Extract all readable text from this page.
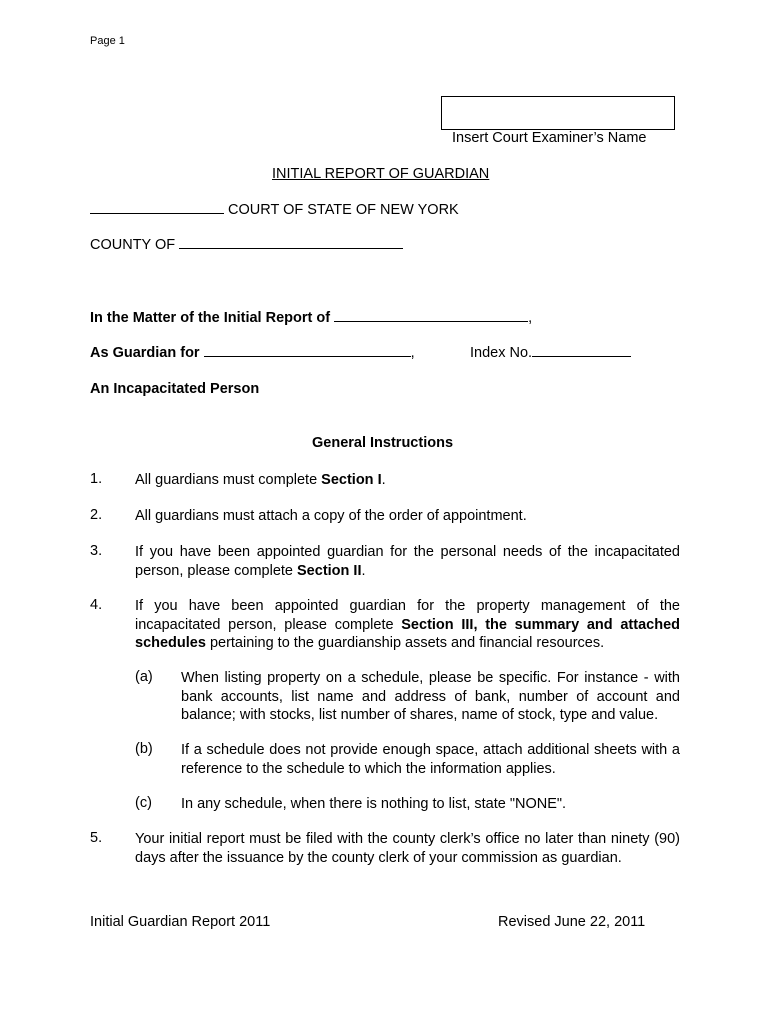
Page 1
Insert Court Examiner’s Name
INITIAL REPORT OF GUARDIAN
COURT OF STATE OF NEW YORK
COUNTY OF
In the Matter of the Initial Report of	,
As Guardian for	,	Index No.
An Incapacitated Person
General Instructions
1. All guardians must complete Section I.
2. All guardians must attach a copy of the order of appointment.
3. If you have been appointed guardian for the personal needs of the incapacitated person, please complete Section II.
4. If you have been appointed guardian for the property management of the incapacitated person, please complete Section III, the summary and attached schedules pertaining to the guardianship assets and financial resources.
(a) When listing property on a schedule, please be specific. For instance - with bank accounts, list name and address of bank, number of account and balance; with stocks, list number of shares, name of stock, type and value.
(b) If a schedule does not provide enough space, attach additional sheets with a reference to the schedule to which the information applies.
(c) In any schedule, when there is nothing to list, state "NONE".
5. Your initial report must be filed with the county clerk’s office no later than ninety (90) days after the issuance by the county clerk of your commission as guardian.
Initial Guardian Report 2011	Revised June 22, 2011
